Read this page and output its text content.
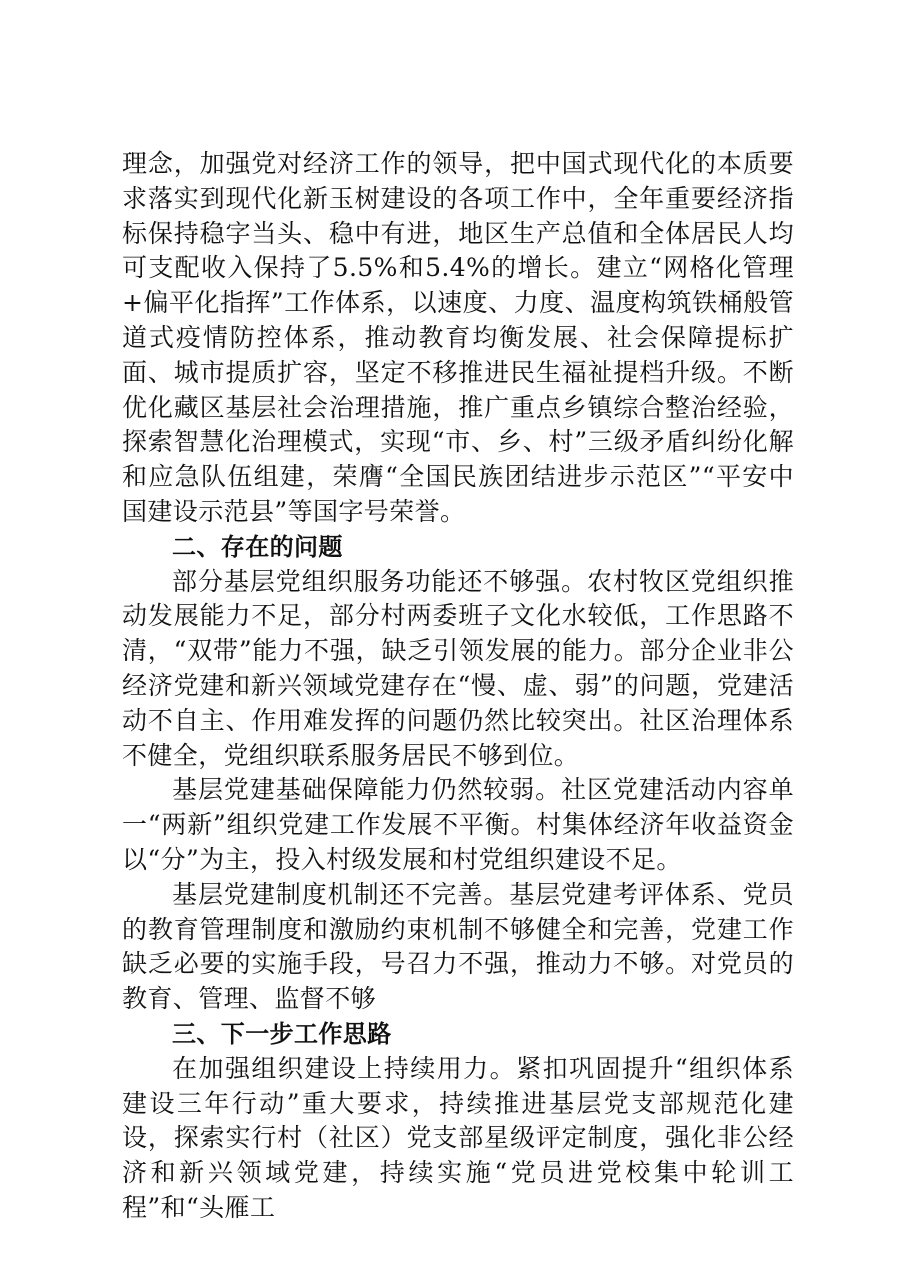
理念，加强党对经济工作的领导，把中国式现代化的本质要求落实到现代化新玉树建设的各项工作中，全年重要经济指标保持稳字当头、稳中有进，地区生产总值和全体居民人均可支配收入保持了5.5%和5.4%的增长。建立“网格化管理+偏平化指挥”工作体系，以速度、力度、温度构筑铁桶般管道式疫情防控体系，推动教育均衡发展、社会保障提标扩面、城市提质扩容，坚定不移推进民生福祉提档升级。不断优化藏区基层社会治理措施，推广重点乡镇综合整治经验，探索智慧化治理模式，实现“市、乡、村”三级矛盾纠纷化解和应急队伍组建，荣膺“全国民族团结进步示范区”“平安中国建设示范县”等国字号荣誉。

二、存在的问题

部分基层党组织服务功能还不够强。农村牧区党组织推动发展能力不足，部分村两委班子文化水较低，工作思路不清，“双带”能力不强，缺乏引领发展的能力。部分企业非公经济党建和新兴领域党建存在“慢、虚、弱”的问题，党建活动不自主、作用难发挥的问题仍然比较突出。社区治理体系不健全，党组织联系服务居民不够到位。

基层党建基础保障能力仍然较弱。社区党建活动内容单一“两新”组织党建工作发展不平衡。村集体经济年收益资金以“分”为主，投入村级发展和村党组织建设不足。

基层党建制度机制还不完善。基层党建考评体系、党员的教育管理制度和激励约束机制不够健全和完善，党建工作缺乏必要的实施手段，号召力不强，推动力不够。对党员的教育、管理、监督不够

三、下一步工作思路

在加强组织建设上持续用力。紧扣巩固提升“组织体系建设三年行动”重大要求，持续推进基层党支部规范化建设，探索实行村（社区）党支部星级评定制度，强化非公经济和新兴领域党建，持续实施“党员进党校集中轮训工程”和“头雁工
